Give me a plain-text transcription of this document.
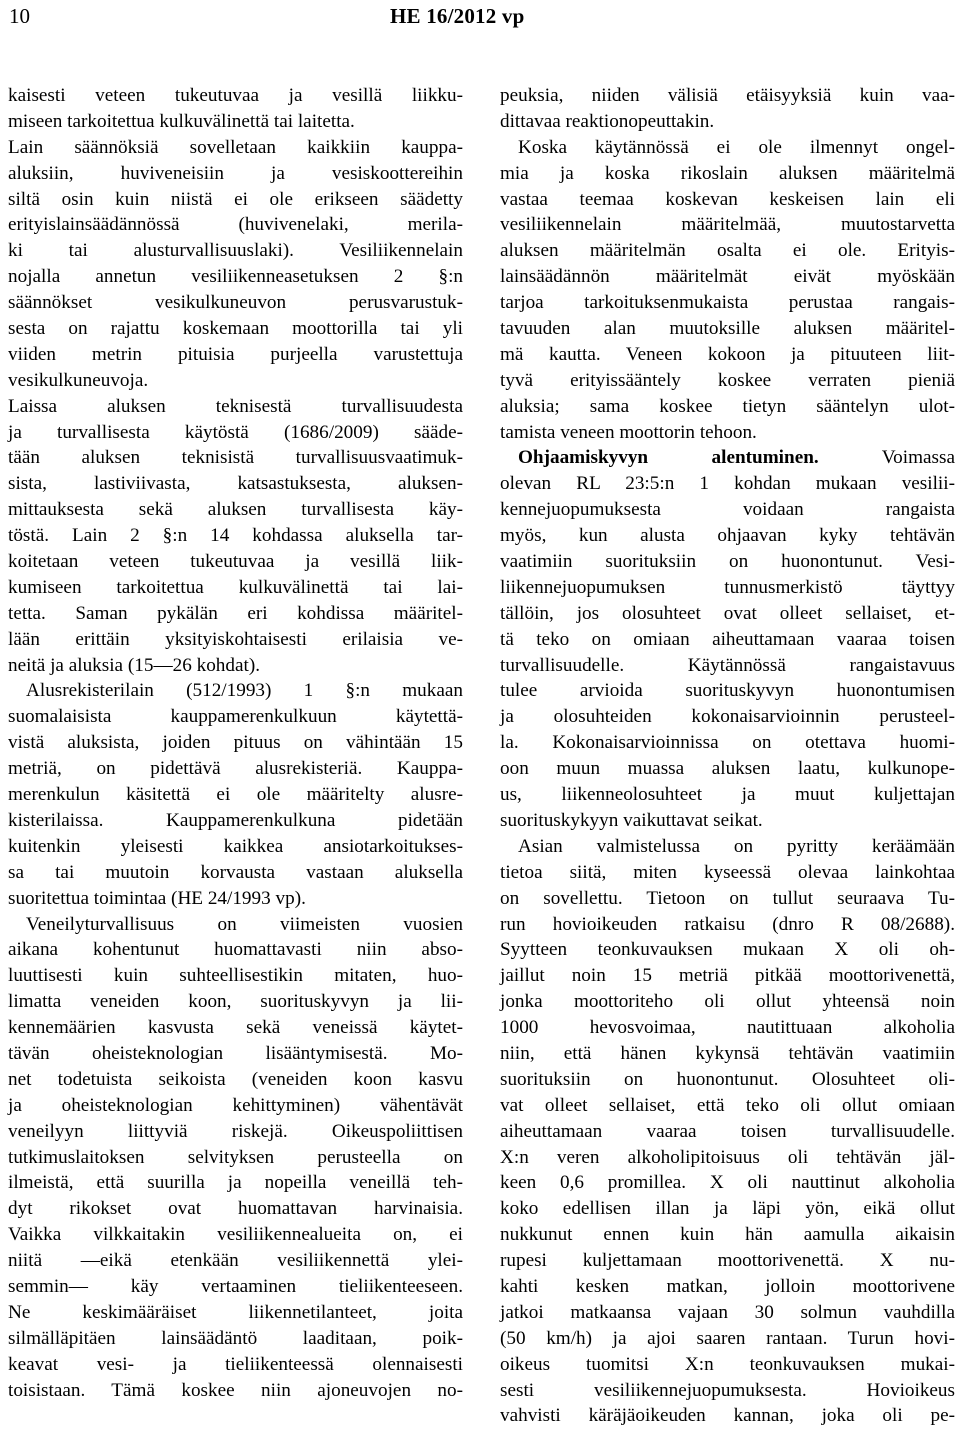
10	HE 16/2012 vp
kaisesti veteen tukeutuvaa ja vesillä liikku-
miseen tarkoitettua kulkuvälinettä tai laitetta.
Lain säännöksiä sovelletaan kaikkiin kauppa-
aluksiin, huviveneisiin ja vesiskoottereihin
siltä osin kuin niistä ei ole erikseen säädetty
erityislainsäädännössä (huvivenelaki, merila-
ki tai alusturvallisuuslaki). Vesiliikennelain
nojalla annetun vesiliikenneasetuksen 2 §:n
säännökset vesikulkuneuvon perusvarustuk-
sesta on rajattu koskemaan moottorilla tai yli
viiden metrin pituisia purjeella varustettuja
vesikulkuneuvoja.
Laissa aluksen teknisestä turvallisuudesta
ja turvallisesta käytöstä (1686/2009) sääde-
tään aluksen teknisistä turvallisuusvaatimuk-
sista, lastiviivasta, katsastuksesta, aluksen-
mittauksesta sekä aluksen turvallisesta käy-
töstä. Lain 2 §:n 14 kohdassa aluksella tar-
koitetaan veteen tukeutuvaa ja vesillä liik-
kumiseen tarkoitettua kulkuvälinettä tai lai-
tetta. Saman pykälän eri kohdissa määritel-
lään erittäin yksityiskohtaisesti erilaisia ve-
neitä ja aluksia (15—26 kohdat).
Alusrekisterilain (512/1993) 1 §:n mukaan
suomalaisista kauppamerenkulkuun käytettä-
vistä aluksista, joiden pituus on vähintään 15
metriä, on pidettävä alusrekisteriä. Kauppa-
merenkulun käsitettä ei ole määritelty alusre-
kisterilaissa. Kauppamerenkulkuna pidetään
kuitenkin yleisesti kaikkea ansiotarkoitukses-
sa tai muutoin korvausta vastaan aluksella
suoritettua toimintaa (HE 24/1993 vp).
Veneilyturvallisuus on viimeisten vuosien
aikana kohentunut huomattavasti niin abso-
luuttisesti kuin suhteellisestikin mitaten, huo-
limatta veneiden koon, suorituskyvyn ja lii-
kennemäärien kasvusta sekä veneissä käytet-
tävän oheisteknologian lisääntymisestä. Mo-
net todetuista seikoista (veneiden koon kasvu
ja oheisteknologian kehittyminen) vähentävät
veneilyyn liittyviä riskejä. Oikeuspoliittisen
tutkimuslaitoksen selvityksen perusteella on
ilmeistä, että suurilla ja nopeilla veneillä teh-
dyt rikokset ovat huomattavan harvinaisia.
Vaikka vilkkaitakin vesiliikennealueita on, ei
niitä —eikä etenkään vesiliikennettä ylei-
semmin— käy vertaaminen tieliikenteeseen.
Ne keskimääräiset liikennetilanteet, joita
silmälläpitäen lainsäädäntö laaditaan, poik-
keavat vesi- ja tieliikenteessä olennaisesti
toisistaan. Tämä koskee niin ajoneuvojen no-
peuksia, niiden välisiä etäisyyksiä kuin vaa-
dittavaa reaktionopeuttakin.
Koska käytännössä ei ole ilmennyt ongel-
mia ja koska rikoslain aluksen määritelmä
vastaa teemaa koskevan keskeisen lain eli
vesiliikennelain määritelmää, muutostarvetta
aluksen määritelmän osalta ei ole. Erityis-
lainsäädännön määritelmät eivät myöskään
tarjoa tarkoituksenmukaista perustaa rangais-
tavuuden alan muutoksille aluksen määritel-
mä kautta. Veneen kokoon ja pituuteen liit-
tyvä erityissääntely koskee verraten pieniä
aluksia; sama koskee tietyn sääntelyn ulot-
tamista veneen moottorin tehoon.
Ohjaamiskyvyn alentuminen. Voimassa
olevan RL 23:5:n 1 kohdan mukaan vesilii-
kennejuopumuksesta voidaan rangaista
myös, kun alusta ohjaavan kyky tehtävän
vaatimiin suorituksiin on huonontunut. Vesi-
liikennejuopumuksen tunnusmerkistö täyttyy
tällöin, jos olosuhteet ovat olleet sellaiset, et-
tä teko on omiaan aiheuttamaan vaaraa toisen
turvallisuudelle. Käytännössä rangaistavuus
tulee arvioida suorituskyvyn huonontumisen
ja olosuhteiden kokonaisarvioinnin perusteel-
la. Kokonaisarvioinnissa on otettava huomi-
oon muun muassa aluksen laatu, kulkunope-
us, liikenneolosuhteet ja muut kuljettajan
suorituskykyyn vaikuttavat seikat.
Asian valmistelussa on pyritty keräämään
tietoa siitä, miten kyseessä olevaa lainkohtaa
on sovellettu. Tietoon on tullut seuraava Tu-
run hovioikeuden ratkaisu (dnro R 08/2688).
Syytteen teonkuvauksen mukaan X oli oh-
jaillut noin 15 metriä pitkää moottorivenettä,
jonka moottoriteho oli ollut yhteensä noin
1000 hevosvoimaa, nautittuaan alkoholia
niin, että hänen kykynsä tehtävän vaatimiin
suorituksiin on huonontunut. Olosuhteet oli-
vat olleet sellaiset, että teko oli ollut omiaan
aiheuttamaan vaaraa toisen turvallisuudelle.
X:n veren alkoholipitoisuus oli tehtävän jäl-
keen 0,6 promillea. X oli nauttinut alkoholia
koko edellisen illan ja läpi yön, eikä ollut
nukkunut ennen kuin hän aamulla aikaisin
rupesi kuljettamaan moottorivenettä. X nu-
kahti kesken matkan, jolloin moottorivene
jatkoi matkaansa vajaan 30 solmun vauhdilla
(50 km/h) ja ajoi saaren rantaan. Turun hovi-
oikeus tuomitsi X:n teonkuvauksen mukai-
sesti vesiliikennejuopumuksesta. Hovioikeus
vahvisti käräjäoikeuden kannan, joka oli pe-
